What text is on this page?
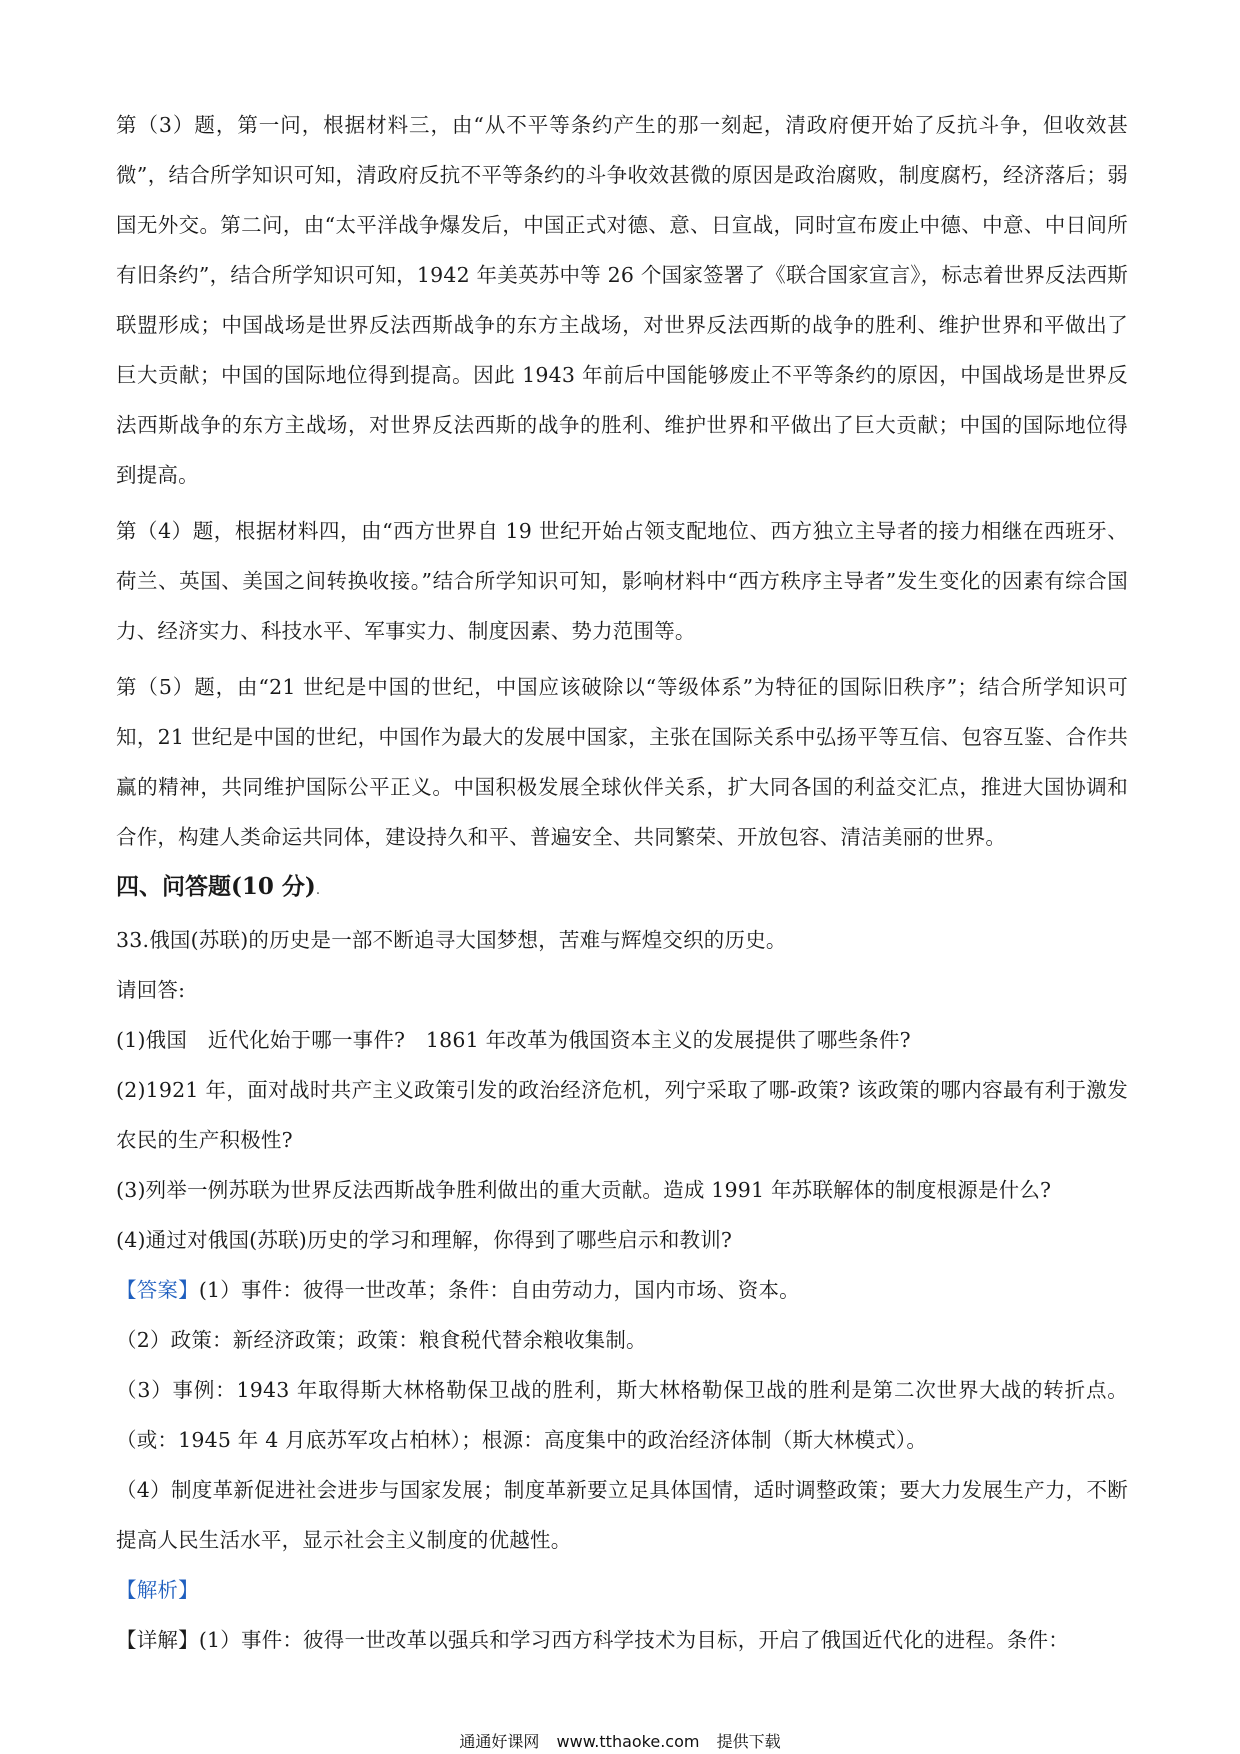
第（3）题，第一问，根据材料三，由“从不平等条约产生的那一刻起，清政府便开始了反抗斗争，但收效甚微”，结合所学知识可知，清政府反抗不平等条约的斗争收效甚微的原因是政治腐败，制度腐朽，经济落后；弱国无外交。第二问，由“太平洋战争爆发后，中国正式对德、意、日宣战，同时宣布废止中德、中意、中日间所有旧条约”，结合所学知识可知，1942 年美英苏中等 26 个国家签署了《联合国家宣言》，标志着世界反法西斯联盟形成；中国战场是世界反法西斯战争的东方主战场，对世界反法西斯的战争的胜利、维护世界和平做出了巨大贡献；中国的国际地位得到提高。因此 1943 年前后中国能够废止不平等条约的原因，中国战场是世界反法西斯战争的东方主战场，对世界反法西斯的战争的胜利、维护世界和平做出了巨大贡献；中国的国际地位得到提高。

第（4）题，根据材料四，由“西方世界自 19 世纪开始占领支配地位、西方独立主导者的接力相继在西班牙、荷兰、英国、美国之间转换收接。”结合所学知识可知，影响材料中“西方秩序主导者”发生变化的因素有综合国力、经济实力、科技水平、军事实力、制度因素、势力范围等。

第（5）题，由“21 世纪是中国的世纪，中国应该破除以“等级体系”为特征的国际旧秩序”；结合所学知识可知，21 世纪是中国的世纪，中国作为最大的发展中国家，主张在国际关系中弘扬平等互信、包容互鉴、合作共赢的精神，共同维护国际公平正义。中国积极发展全球伙伴关系，扩大同各国的利益交汇点，推进大国协调和合作，构建人类命运共同体，建设持久和平、普遍安全、共同繁荣、开放包容、清洁美丽的世界。

四、问答题(10 分).

33.俄国(苏联)的历史是一部不断追寻大国梦想，苦难与辉煌交织的历史。

请回答:

(1)俄国　近代化始于哪一事件?　1861 年改革为俄国资本主义的发展提供了哪些条件?

(2)1921 年，面对战时共产主义政策引发的政治经济危机，列宁采取了哪-政策? 该政策的哪内容最有利于激发农民的生产积极性?

(3)列举一例苏联为世界反法西斯战争胜利做出的重大贡献。造成 1991 年苏联解体的制度根源是什么?

(4)通过对俄国(苏联)历史的学习和理解，你得到了哪些启示和教训?

【答案】(1）事件：彼得一世改革；条件：自由劳动力，国内市场、资本。

（2）政策：新经济政策；政策：粮食税代替余粮收集制。

（3）事例：1943 年取得斯大林格勒保卫战的胜利，斯大林格勒保卫战的胜利是第二次世界大战的转折点。（或：1945 年 4 月底苏军攻占柏林）；根源：高度集中的政治经济体制（斯大林模式）。

（4）制度革新促进社会进步与国家发展；制度革新要立足具体国情，适时调整政策；要大力发展生产力，不断提高人民生活水平，显示社会主义制度的优越性。

【解析】

【详解】(1）事件：彼得一世改革以强兵和学习西方科学技术为目标，开启了俄国近代化的进程。条件：

通通好课网 www.tthaoke.com 提供下载
